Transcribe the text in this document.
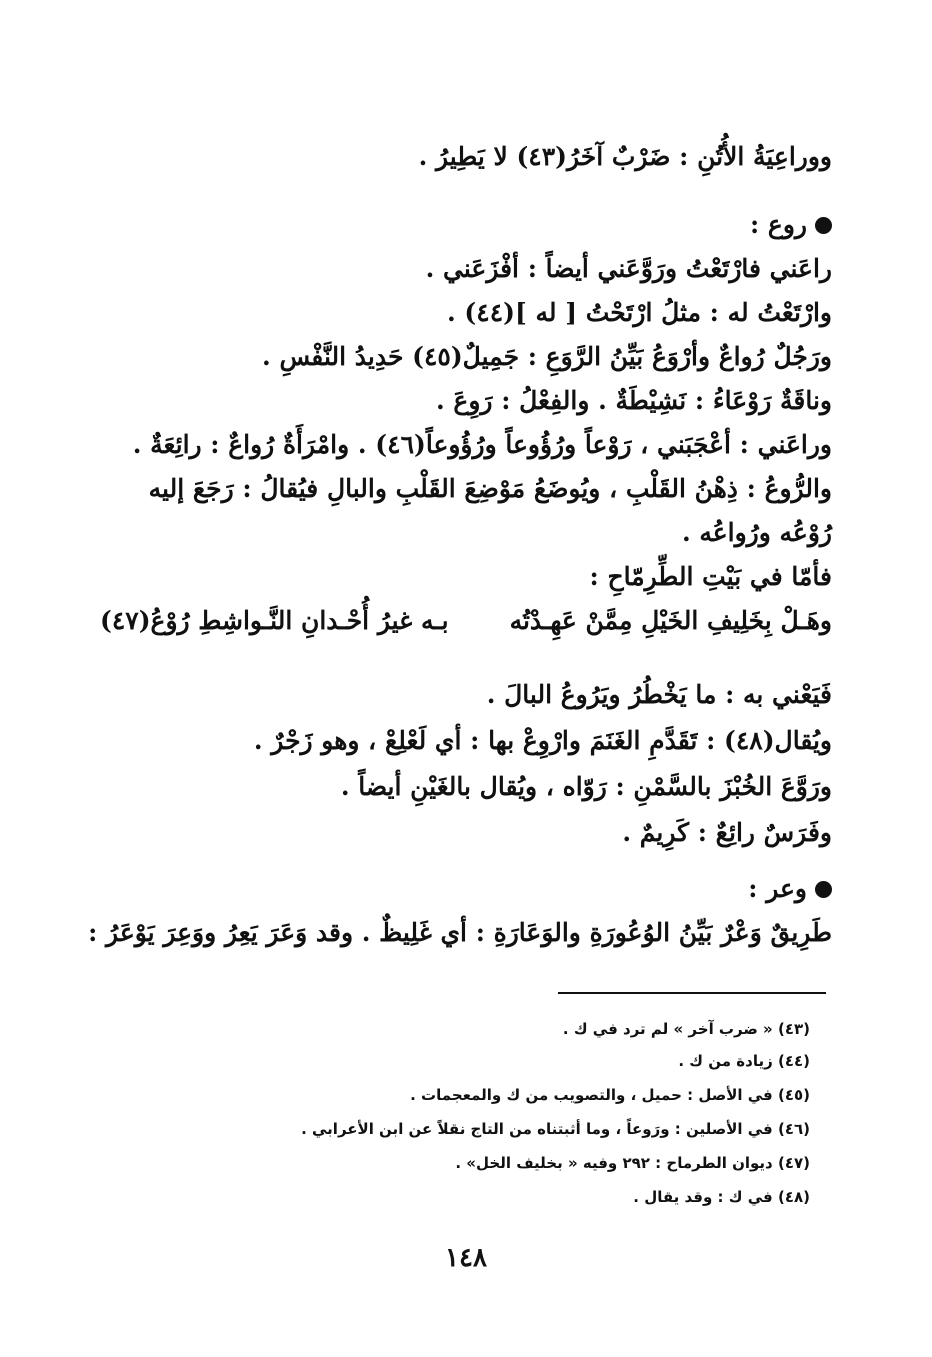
ووراعِيَةُ الأُتُنِ : ضَرْبٌ آخَرُ(٤٣) لا يَطِيرُ .
روع :
راعَني فارْتَعْتُ ورَوَّعَني أيضاً : أفْزَعَني .
وارْتَعْتُ له : مثلُ ارْتَحْتُ [ له ](٤٤) .
ورَجُلٌ رُواعٌ وأرْوَعُ بَيِّنُ الرَّوَعِ : جَمِيلٌ(٤٥) حَدِيدُ النَّفْسِ .
وناقَةٌ رَوْعَاءُ : نَشِيْطَةٌ . والفِعْلُ : رَوِعَ .
وراعَني : أعْجَبَني ، رَوْعاً ورُؤُوعاً ورُؤُوعاً(٤٦) . وامْرَأَةٌ رُواعٌ : رائِعَةٌ .
والرُّوعُ : ذِهْنُ القَلْبِ ، ويُوضَعُ مَوْضِعَ القَلْبِ والبالِ فيُقالُ : رَجَعَ إليه
رُوْعُه ورُواعُه .
فأمّا في بَيْتِ الطِّرِمّاحِ :
وهَـلْ بِخَلِيفِ الخَيْلِ مِمَّنْ عَهِـدْتُه
بـه غيرُ أُحْـدانِ النَّـواشِطِ رُوْعُ(٤٧)
فَيَعْني به : ما يَخْطُرُ ويَرُوعُ البالَ .
ويُقال(٤٨) : تَقَدَّمِ الغَنَمَ وارْوِعْ بها : أي لَعْلِعْ ، وهو زَجْرٌ .
ورَوَّعَ الخُبْزَ بالسَّمْنِ : رَوّاه ، ويُقال بالغَيْنِ أيضاً .
وفَرَسٌ رائِعٌ : كَرِيمٌ .
وعر :
طَرِيقٌ وَعْرٌ بَيِّنُ الوُعُورَةِ والوَعَارَةِ : أي غَلِيظٌ . وقد وَعَرَ يَعِرُ ووَعِرَ يَوْعَرُ :
(٤٣) « ضرب آخر » لم ترد في ك .
(٤٤) زيادة من ك .
(٤٥) في الأصل : حميل ، والتصويب من ك والمعجمات .
(٤٦) في الأصلين : ورَوعاً ، وما أثبتناه من التاج نقلاً عن ابن الأعرابي .
(٤٧) ديوان الطرماح : ٢٩٢ وفيه « بخليف الخل» .
(٤٨) في ك : وقد يقال .
١٤٨
